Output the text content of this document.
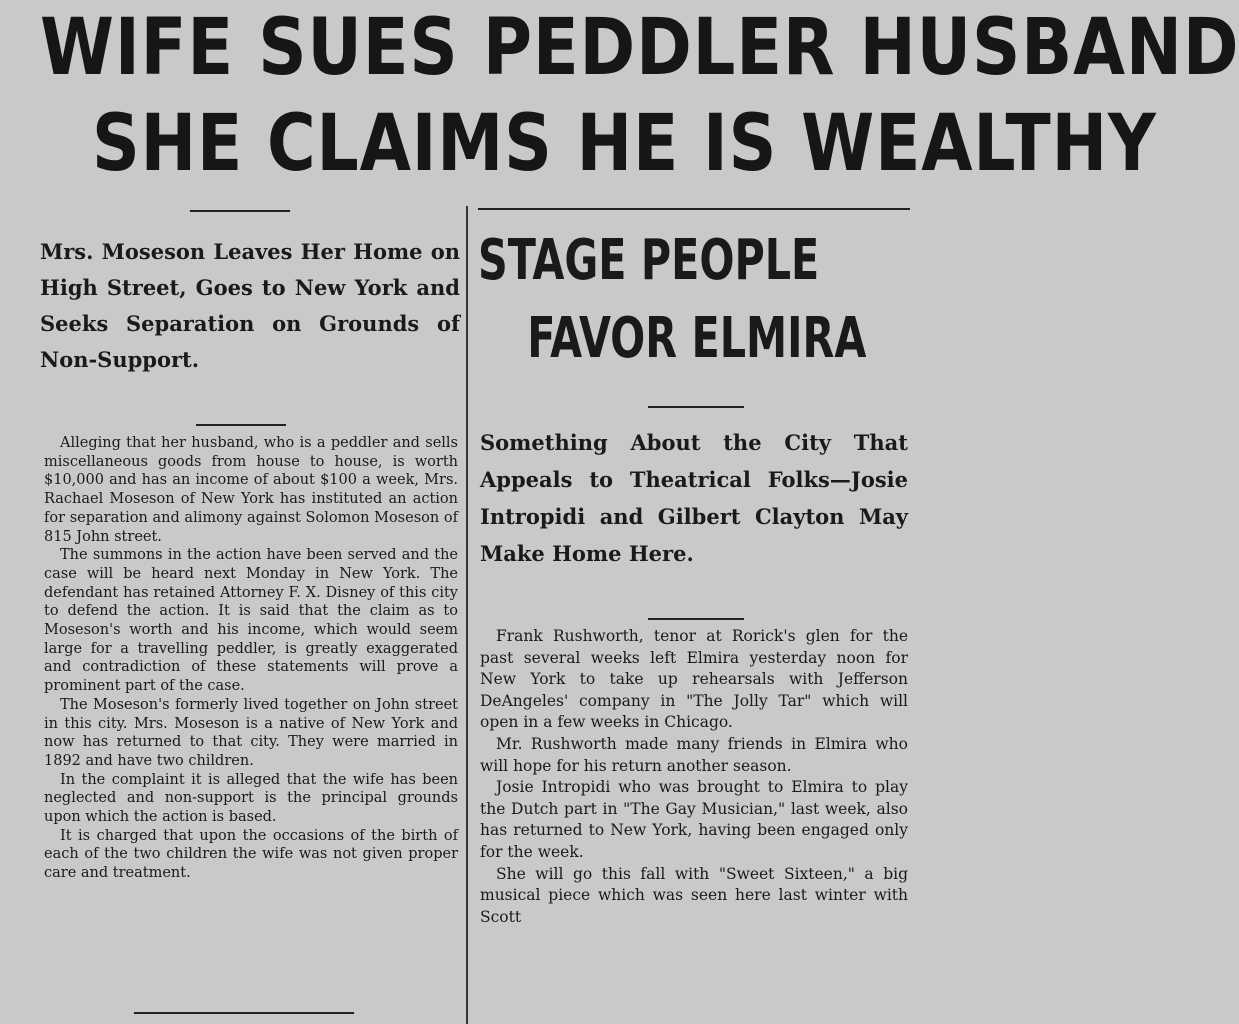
WIFE SUES PEDDLER HUSBAND
SHE CLAIMS HE IS WEALTHY
Mrs. Moseson Leaves Her Home on High Street, Goes to New York and Seeks Separation on Grounds of Non-Support.

Alleging that her husband, who is a peddler and sells miscellaneous goods from house to house, is worth $10,000 and has an income of about $100 a week, Mrs. Rachael Moseson of New York has instituted an action for separation and alimony against Solomon Moseson of 815 John street.

The summons in the action have been served and the case will be heard next Monday in New York. The defendant has retained Attorney F. X. Disney of this city to defend the action. It is said that the claim as to Moseson's worth and his income, which would seem large for a travelling peddler, is greatly exaggerated and contradiction of these statements will prove a prominent part of the case.

The Moseson's formerly lived together on John street in this city. Mrs. Moseson is a native of New York and now has returned to that city. They were married in 1892 and have two children.

In the complaint it is alleged that the wife has been neglected and non-support is the principal grounds upon which the action is based.

It is charged that upon the occasions of the birth of each of the two children the wife was not given proper care and treatment.

STAGE PEOPLE
FAVOR ELMIRA
Something About the City That Appeals to Theatrical Folks—Josie Intropidi and Gilbert Clayton May Make Home Here.

Frank Rushworth, tenor at Rorick's glen for the past several weeks left Elmira yesterday noon for New York to take up rehearsals with Jefferson DeAngeles' company in "The Jolly Tar" which will open in a few weeks in Chicago.

Mr. Rushworth made many friends in Elmira who will hope for his return another season.

Josie Intropidi who was brought to Elmira to play the Dutch part in "The Gay Musician," last week, also has returned to New York, having been engaged only for the week.

She will go this fall with "Sweet Sixteen," a big musical piece which was seen here last winter with Scott
